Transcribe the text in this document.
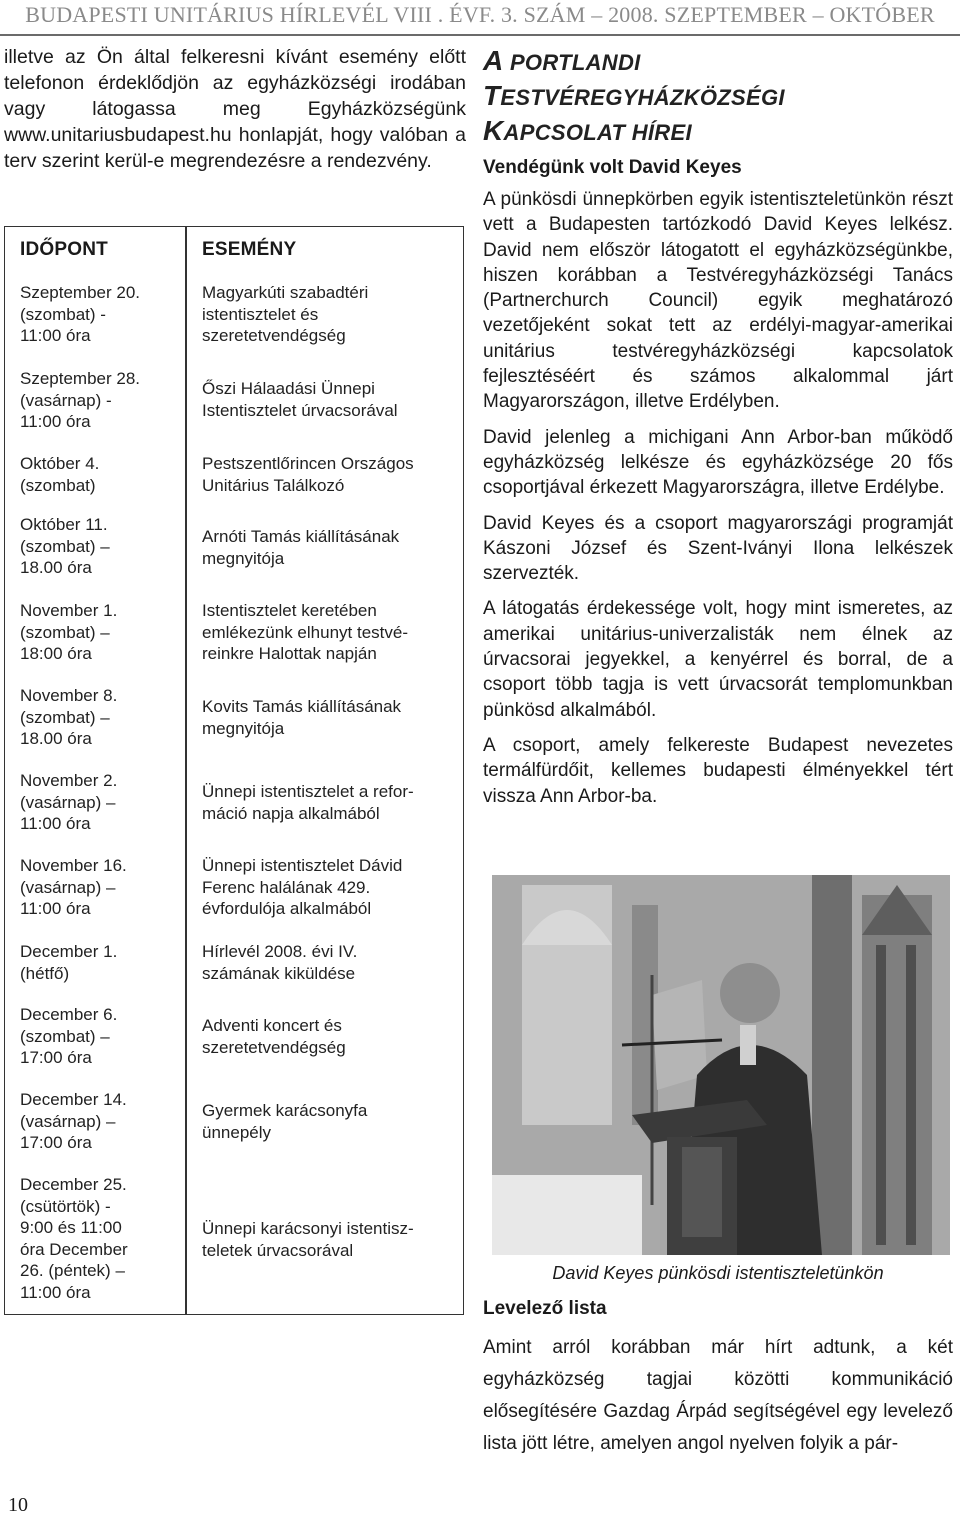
BUDAPESTI UNITÁRIUS HÍRLEVÉL VIII . ÉVF. 3. SZÁM – 2008. SZEPTEMBER – OKTÓBER

illetve az Ön által felkeresni kívánt esemény előtt telefonon érdeklődjön az egyházközségi irodában vagy látogassa meg Egyházközségünk www.unitariusbudapest.hu honlapját, hogy valóban a terv szerint kerül-e megrendezésre a rendezvény.

IDŐPONT	ESEMÉNY
Szeptember 20.
(szombat) -
11:00 óra
Magyarkúti szabadtéri
istentisztelet és
szeretetvendégség
Szeptember 28.
(vasárnap) -
11:00 óra
Őszi Hálaadási Ünnepi
Istentisztelet úrvacsorával
Október 4.
(szombat)
Pestszentlőrincen Országos
Unitárius Találkozó
Október 11.
(szombat) –
18.00 óra
Arnóti Tamás kiállításának
megnyitója
November 1.
(szombat) –
18:00 óra
Istentisztelet keretében
emlékezünk elhunyt testvé-
reinkre Halottak napján
November 8.
(szombat) –
18.00 óra
Kovits Tamás kiállításának
megnyitója
November 2.
(vasárnap) –
11:00 óra
Ünnepi istentisztelet a refor-
máció napja alkalmából
November 16.
(vasárnap) –
11:00 óra
Ünnepi istentisztelet Dávid
Ferenc halálának 429.
évfordulója alkalmából
December 1.
(hétfő)
Hírlevél 2008. évi IV.
számának kiküldése
December 6.
(szombat) –
17:00 óra
Adventi koncert és
szeretetvendégség
December 14.
(vasárnap) –
17:00 óra
Gyermek karácsonyfa
ünnepély
December 25.
(csütörtök) -
9:00 és 11:00
óra December
26. (péntek) –
11:00 óra
Ünnepi karácsonyi istentisz-
teletek úrvacsorával
A PORTLANDI
TESTVÉREGYHÁZKÖZSÉGI
KAPCSOLAT HÍREI
Vendégünk volt David Keyes

A pünkösdi ünnepkörben egyik istentiszteletünkön részt vett a Budapesten tartózkodó David Keyes lelkész. David nem először látogatott el egyházközségünkbe, hiszen korábban a Testvéregyházközségi Tanács (Partnerchurch Council) egyik meghatározó vezetőjeként sokat tett az erdélyi-magyar-amerikai unitárius testvéregyházközségi kapcsolatok fejlesztéséért és számos alkalommal járt Magyarországon, illetve Erdélyben.

David jelenleg a michigani Ann Arbor-ban működő egyházközség lelkésze és egyházközsége 20 fős csoportjával érkezett Magyarországra, illetve Erdélybe.

David Keyes és a csoport magyarországi programját Kászoni József és Szent-Iványi Ilona lelkészek szervezték.

A látogatás érdekessége volt, hogy mint ismeretes, az amerikai unitárius-univerzalisták nem élnek az úrvacsorai jegyekkel, a kenyérrel és borral, de a csoport több tagja is vett úrvacsorát templomunkban pünkösd alkalmából.

A csoport, amely felkereste Budapest nevezetes termálfürdőit, kellemes budapesti élményekkel tért vissza Ann Arbor-ba.

David Keyes pünkösdi istentiszteletünkön
Levelező lista

Amint arról korábban már hírt adtunk, a két egyházközség tagjai közötti kommunikáció elősegítésére Gazdag Árpád segítségével egy levelező lista jött létre, amelyen angol nyelven folyik a pár-

10
